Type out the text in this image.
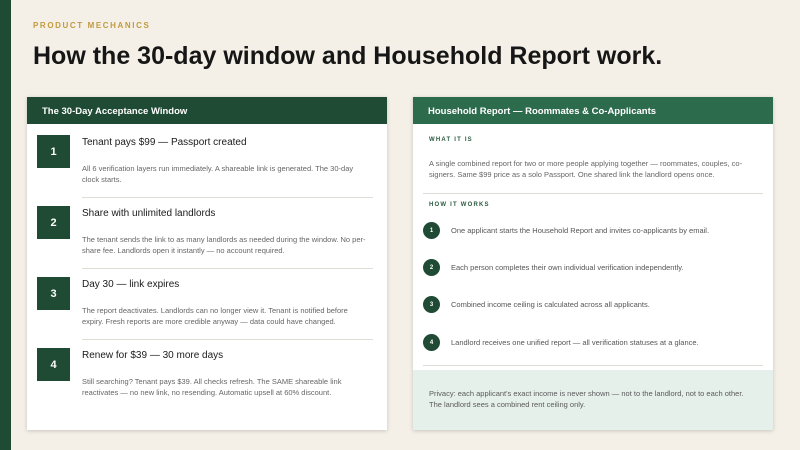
PRODUCT MECHANICS
How the 30-day window and Household Report work.
The 30-Day Acceptance Window
1
Tenant pays $99 — Passport created
All 6 verification layers run immediately. A shareable link is generated. The 30-day clock starts.
2
Share with unlimited landlords
The tenant sends the link to as many landlords as needed during the window. No per-share fee. Landlords open it instantly — no account required.
3
Day 30 — link expires
The report deactivates. Landlords can no longer view it. Tenant is notified before expiry. Fresh reports are more credible anyway — data could have changed.
4
Renew for $39 — 30 more days
Still searching? Tenant pays $39. All checks refresh. The SAME shareable link reactivates — no new link, no resending. Automatic upsell at 60% discount.
Household Report — Roommates & Co-Applicants
WHAT IT IS
A single combined report for two or more people applying together — roommates, couples, co-signers. Same $99 price as a solo Passport. One shared link the landlord opens once.
HOW IT WORKS
1	One applicant starts the Household Report and invites co-applicants by email.
2	Each person completes their own individual verification independently.
3	Combined income ceiling is calculated across all applicants.
4	Landlord receives one unified report — all verification statuses at a glance.
Privacy: each applicant's exact income is never shown — not to the landlord, not to each other. The landlord sees a combined rent ceiling only.
